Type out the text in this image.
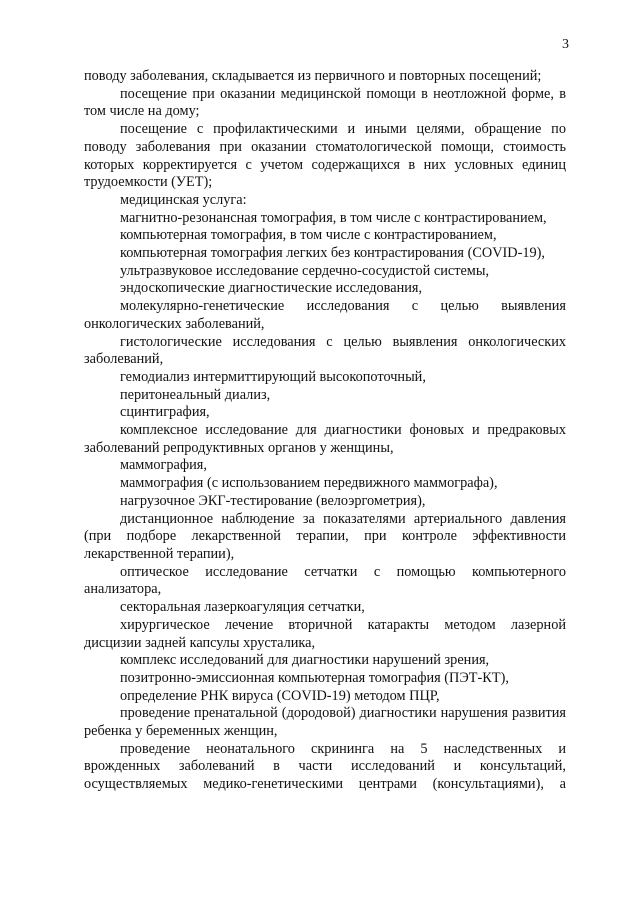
3

поводу заболевания, складывается из первичного и повторных посещений;

посещение при оказании медицинской помощи в неотложной форме, в том числе на дому;

посещение с профилактическими и иными целями, обращение по поводу заболевания при оказании стоматологической помощи, стоимость которых корректируется с учетом содержащихся в них условных единиц трудоемкости (УЕТ);

медицинская услуга:

магнитно-резонансная томография, в том числе с контрастированием,

компьютерная томография, в том числе с контрастированием,

компьютерная томография легких без контрастирования (COVID-19),

ультразвуковое исследование сердечно-сосудистой системы,

эндоскопические диагностические исследования,

молекулярно-генетические исследования с целью выявления онкологических заболеваний,

гистологические исследования с целью выявления онкологических заболеваний,

гемодиализ интермиттирующий высокопоточный,

перитонеальный диализ,

сцинтиграфия,

комплексное исследование для диагностики фоновых и предраковых заболеваний репродуктивных органов у женщины,

маммография,

маммография (с использованием передвижного маммографа),

нагрузочное ЭКГ-тестирование (велоэргометрия),

дистанционное наблюдение за показателями артериального давления (при подборе лекарственной терапии, при контроле эффективности лекарственной терапии),

оптическое исследование сетчатки с помощью компьютерного анализатора,

секторальная лазеркоагуляция сетчатки,

хирургическое лечение вторичной катаракты методом лазерной дисцизии задней капсулы хрусталика,

комплекс исследований для диагностики нарушений зрения,

позитронно-эмиссионная компьютерная томография (ПЭТ-КТ),

определение РНК вируса (COVID-19) методом ПЦР,

проведение пренатальной (дородовой) диагностики нарушения развития ребенка у беременных женщин,

проведение неонатального скрининга на 5 наследственных и врожденных заболеваний в части исследований и консультаций, осуществляемых медико-генетическими центрами (консультациями), а
